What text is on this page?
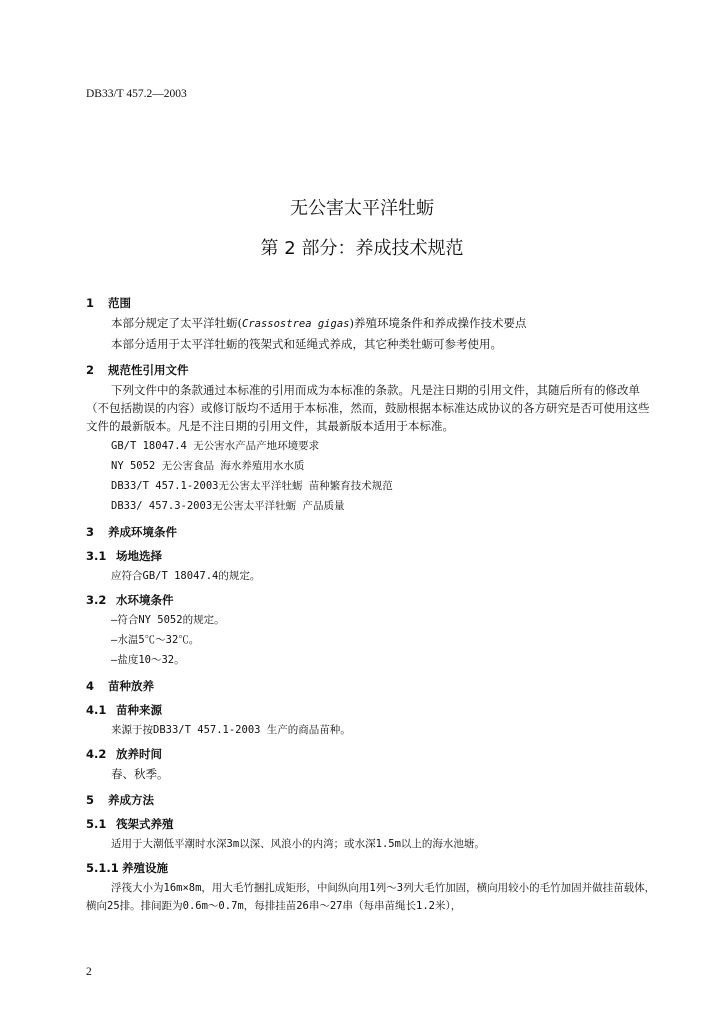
DB33/T 457.2—2003
无公害太平洋牡蛎
第 2 部分：养成技术规范
1 范围
本部分规定了太平洋牡蛎(Crassostrea gigas)养殖环境条件和养成操作技术要点
本部分适用于太平洋牡蛎的筏架式和延绳式养成，其它种类牡蛎可参考使用。
2 规范性引用文件
下列文件中的条款通过本标准的引用而成为本标准的条款。凡是注日期的引用文件，其随后所有的修改单（不包括勘误的内容）或修订版均不适用于本标准，然而，鼓励根据本标准达成协议的各方研究是否可使用这些文件的最新版本。凡是不注日期的引用文件，其最新版本适用于本标准。
GB/T 18047.4 无公害水产品产地环境要求
NY 5052 无公害食品 海水养殖用水水质
DB33/T 457.1-2003无公害太平洋牡蛎 苗种繁育技术规范
DB33/ 457.3-2003无公害太平洋牡蛎 产品质量
3 养成环境条件
3.1 场地选择
应符合GB/T 18047.4的规定。
3.2 水环境条件
—符合NY 5052的规定。
—水温5℃～32℃。
—盐度10～32。
4 苗种放养
4.1 苗种来源
来源于按DB33/T 457.1-2003 生产的商品苗种。
4.2 放养时间
春、秋季。
5 养成方法
5.1 筏架式养殖
适用于大潮低平潮时水深3m以深、风浪小的内湾；或水深1.5m以上的海水池塘。
5.1.1 养殖设施
浮筏大小为16m×8m，用大毛竹捆扎成矩形，中间纵向用1列～3列大毛竹加固，横向用较小的毛竹加固并做挂苗载体，横向25排。排间距为0.6m～0.7m，每排挂苗26串～27串（每串苗绳长1.2米），
2
